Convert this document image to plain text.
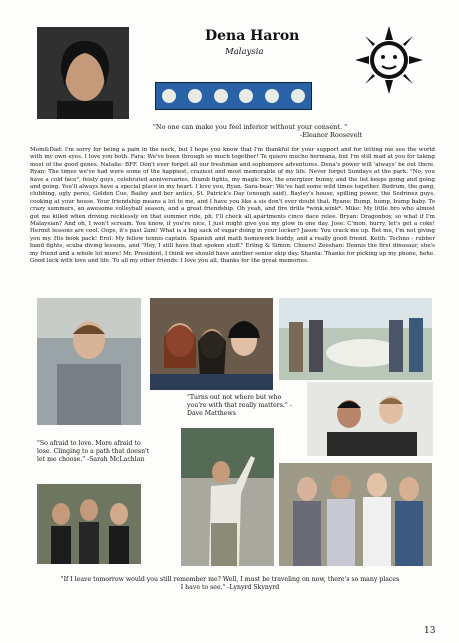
Dena Haron
Malaysia
"No one can make you feel inferior without your consent. "
-Eleanor Roosevelt
Mom&Dad: I'm sorry for being a pain in the neck, but I hope you know that I'm thankful for your support and for letting me see the world with my own eyes. I love you both. Fara: We've been through so much together! Te quiero mucho hermana, but I'm still mad at you for taking most of the good genes. Natalie: BFF. Don't ever forget all our freshman and sophomore adventures. Dena's power will 'always' be out there. Ryan: The times we've had were some of the happiest, craziest and most memorable of my life. Never forget Sundays at the park. "No, you have a cold face", feisty guys, celebrated anniversaries, thumb fights, my magic box, the energizer bunny, and the list keeps going and going and going. You'll always have a special place in my heart. I love you, Ryan. Sara-bear: We've had some wild times together. Bodrum, the gang, clubbing, ugly peres, Golden Cue, Bailey and her antics, St. Patrick's Day (enough said), Bayley's house, spilling power, the Sedrinez guys, cooking at your house. Your friendship means a lot to me, and I have you like a sis don't ever doubt that. Ryane: Bump, bump, bump baby. To crazy summers, an awesome volleyball season, and a great friendship. Oh yeah, and fire drills *wink,wink*. Mike: My little bro who almost got me killed when driving recklessly on that summer ride, ph. I'll check all apartments cinco dace relee. Bryan: Dragonboy, so what if I'm Malaysian? And oh, I won't scream. You know, if you're nice, I just might give you my glow in one day. Jose: C'mon, hurry, let's get a coke! Hermit lessons are cool. Oops, it's past 2am! What is a big sack of sugar doing in your locker? Jason: You crack me up. Bet me, I'm not giving you my. His book pack! Erol: My fellow tennis captain. Spanish and math homework buddy, and a really good friend. Keith: Techno - rubber band fights, scuba diving lessons, and "Hey, I still have that spoken stuff." Erling & Simon: Cheers! Zeeshan: Dennis the first dinosaur, she's my friend and a whole lot more! Mr. President, I think we should have another senior skip day. Shanta: Thanks for picking up my phone, hehe. Good luck with love and life. To all my other friends: I love you all, thanks for the great memories.
"Turns out not where but who you're with that really matters." -Dave Matthews
"So afraid to love. More afraid to lose. Clinging to a path that doesn't let me choose." -Sarah McLachlan
"If I leave tomorrow would you still remember me? Well, I must be traveling on now, there's so many places I have to see." -Lynyrd Skynyrd
13
